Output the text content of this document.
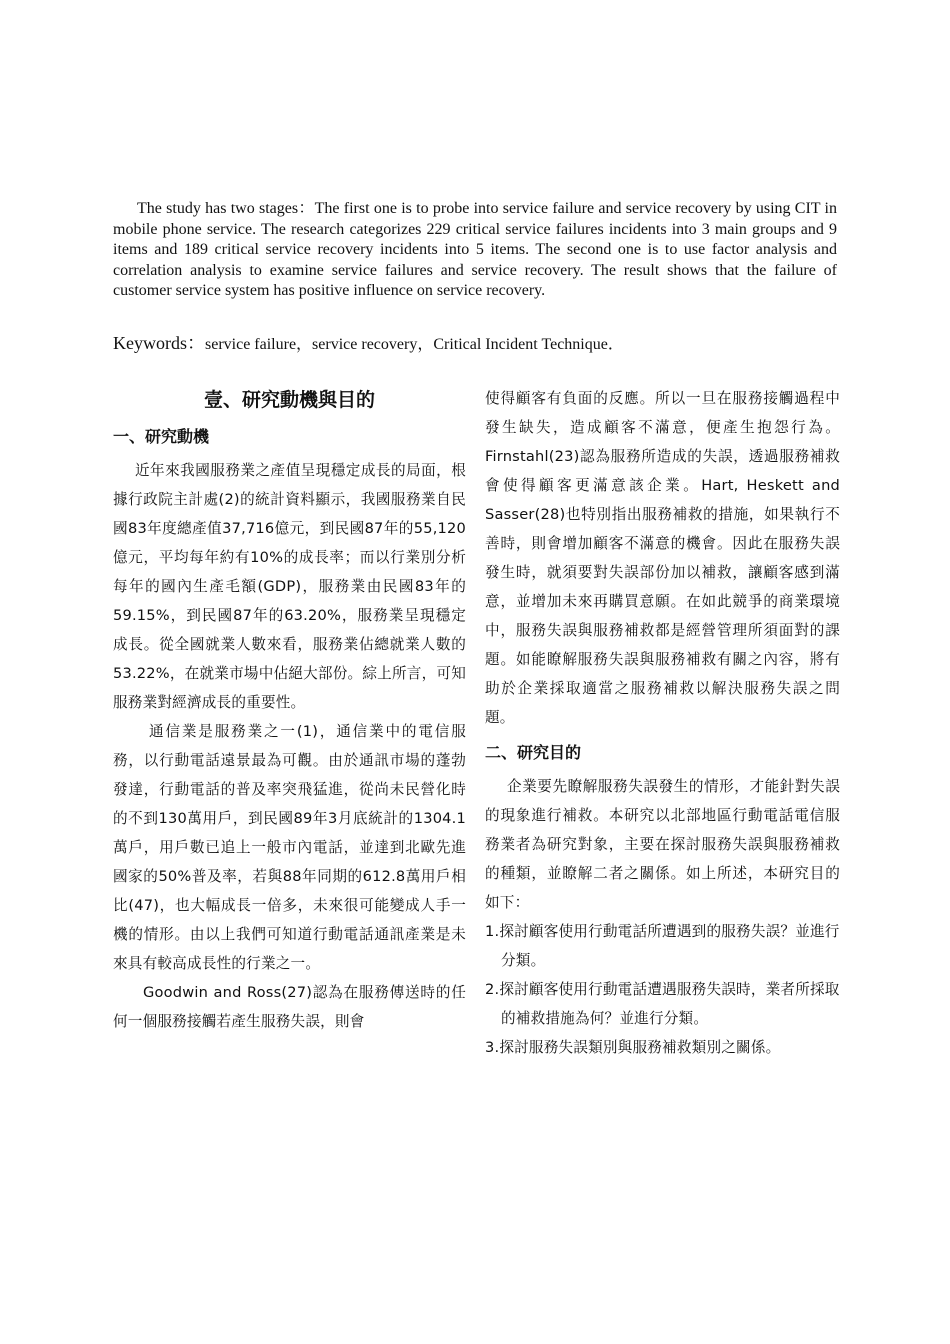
The study has two stages：The first one is to probe into service failure and service recovery by using CIT in mobile phone service. The research categorizes 229 critical service failures incidents into 3 main groups and 9 items and 189 critical service recovery incidents into 5 items. The second one is to use factor analysis and correlation analysis to examine service failures and service recovery. The result shows that the failure of customer service system has positive influence on service recovery.

Keywords：service failure，service recovery，Critical Incident Technique．

壹、研究動機與目的
一、研究動機

近年來我國服務業之產值呈現穩定成長的局面，根據行政院主計處(2)的統計資料顯示，我國服務業自民國83年度總產值37,716億元，到民國87年的55,120億元，平均每年約有10%的成長率；而以行業別分析每年的國內生產毛額(GDP)，服務業由民國83年的59.15%，到民國87年的63.20%，服務業呈現穩定成長。從全國就業人數來看，服務業佔總就業人數的53.22%，在就業市場中佔絕大部份。綜上所言，可知服務業對經濟成長的重要性。

通信業是服務業之一(1)，通信業中的電信服務，以行動電話遠景最為可觀。由於通訊市場的蓬勃發達，行動電話的普及率突飛猛進，從尚未民營化時的不到130萬用戶，到民國89年3月底統計的1304.1萬戶，用戶數已追上一般市內電話，並達到北歐先進國家的50%普及率，若與88年同期的612.8萬用戶相比(47)，也大幅成長一倍多，未來很可能變成人手一機的情形。由以上我們可知道行動電話通訊產業是未來具有較高成長性的行業之一。

Goodwin and Ross(27)認為在服務傳送時的任何一個服務接觸若產生服務失誤，則會

使得顧客有負面的反應。所以一旦在服務接觸過程中發生缺失，造成顧客不滿意，便產生抱怨行為。Firnstahl(23)認為服務所造成的失誤，透過服務補救會使得顧客更滿意該企業。Hart, Heskett and Sasser(28)也特別指出服務補救的措施，如果執行不善時，則會增加顧客不滿意的機會。因此在服務失誤發生時，就須要對失誤部份加以補救，讓顧客感到滿意，並增加未來再購買意願。在如此競爭的商業環境中，服務失誤與服務補救都是經營管理所須面對的課題。如能瞭解服務失誤與服務補救有關之內容，將有助於企業採取適當之服務補救以解決服務失誤之問題。

二、研究目的

企業要先瞭解服務失誤發生的情形，才能針對失誤的現象進行補救。本研究以北部地區行動電話電信服務業者為研究對象，主要在探討服務失誤與服務補救的種類，並瞭解二者之關係。如上所述，本研究目的如下：

1.探討顧客使用行動電話所遭遇到的服務失誤？並進行分類。
2.探討顧客使用行動電話遭遇服務失誤時，業者所採取的補救措施為何？並進行分類。
3.探討服務失誤類別與服務補救類別之關係。
